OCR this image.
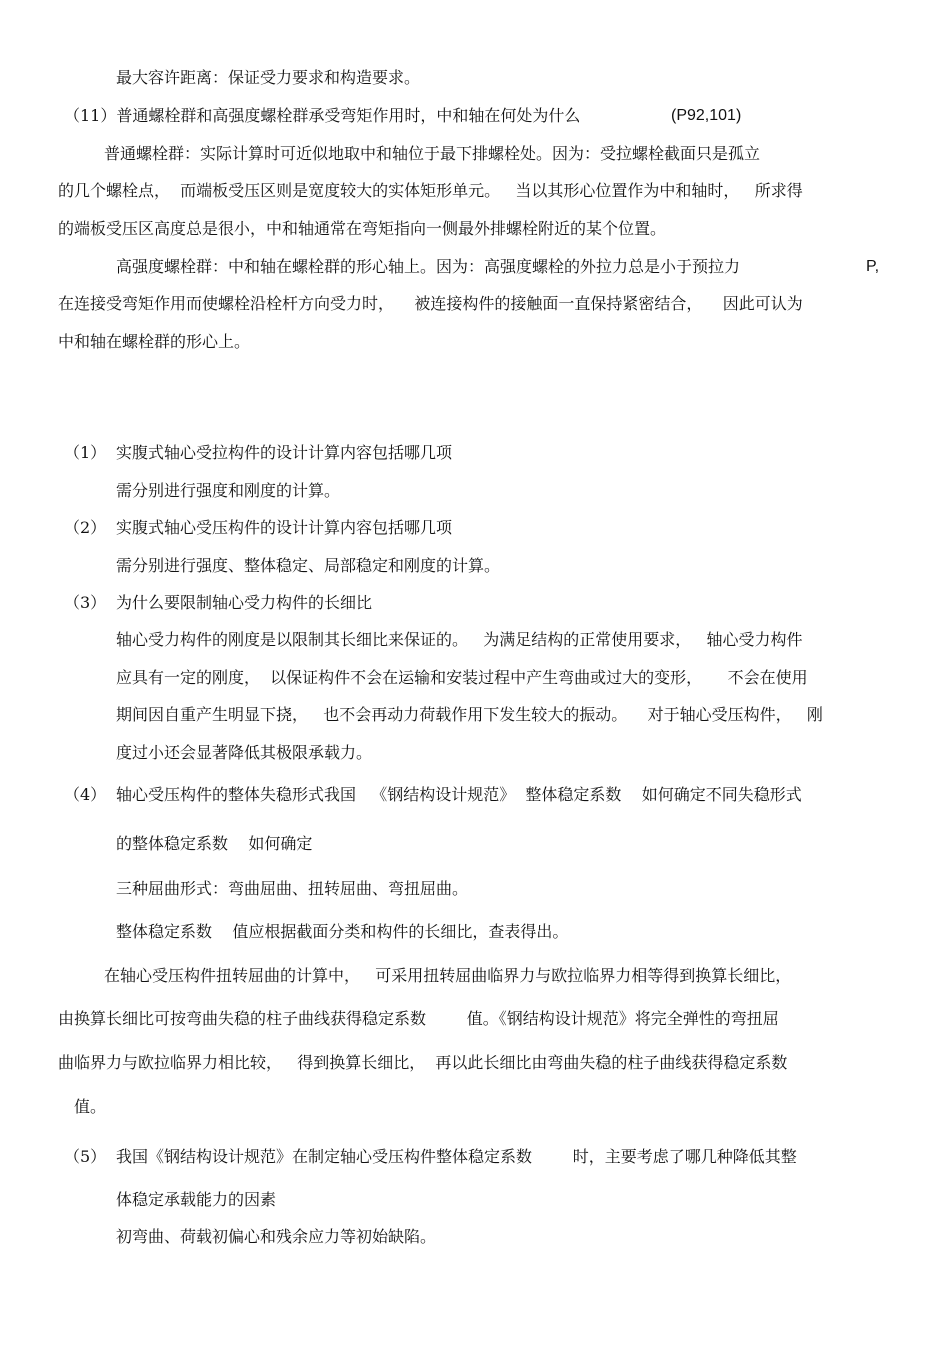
最大容许距离：保证受力要求和构造要求。
（11）普通螺栓群和高强度螺栓群承受弯矩作用时，中和轴在何处为什么	(P92,101)
普通螺栓群：实际计算时可近似地取中和轴位于最下排螺栓处。因为：受拉螺栓截面只是孤立
的几个螺栓点，  而端板受压区则是宽度较大的实体矩形单元。   当以其形心位置作为中和轴时，   所求得
的端板受压区高度总是很小，中和轴通常在弯矩指向一侧最外排螺栓附近的某个位置。
高强度螺栓群：中和轴在螺栓群的形心轴上。因为：高强度螺栓的外拉力总是小于预拉力	P,
在连接受弯矩作用而使螺栓沿栓杆方向受力时，    被连接构件的接触面一直保持紧密结合，    因此可认为
中和轴在螺栓群的形心上。
（1） 实腹式轴心受拉构件的设计计算内容包括哪几项
需分别进行强度和刚度的计算。
（2） 实腹式轴心受压构件的设计计算内容包括哪几项
需分别进行强度、整体稳定、局部稳定和刚度的计算。
（3） 为什么要限制轴心受力构件的长细比
轴心受力构件的刚度是以限制其长细比来保证的。   为满足结构的正常使用要求，   轴心受力构件
应具有一定的刚度，  以保证构件不会在运输和安装过程中产生弯曲或过大的变形，     不会在使用
期间因自重产生明显下挠，   也不会再动力荷载作用下发生较大的振动。    对于轴心受压构件，   刚
度过小还会显著降低其极限承载力。
（4） 轴心受压构件的整体失稳形式我国   《钢结构设计规范》  整体稳定系数    如何确定不同失稳形式
的整体稳定系数    如何确定
三种屈曲形式：弯曲屈曲、扭转屈曲、弯扭屈曲。
整体稳定系数    值应根据截面分类和构件的长细比，查表得出。
在轴心受压构件扭转屈曲的计算中，   可采用扭转屈曲临界力与欧拉临界力相等得到换算长细比，
由换算长细比可按弯曲失稳的柱子曲线获得稳定系数        值。《钢结构设计规范》将完全弹性的弯扭屈
曲临界力与欧拉临界力相比较，   得到换算长细比，  再以此长细比由弯曲失稳的柱子曲线获得稳定系数
值。
（5） 我国《钢结构设计规范》在制定轴心受压构件整体稳定系数        时，主要考虑了哪几种降低其整
体稳定承载能力的因素
初弯曲、荷载初偏心和残余应力等初始缺陷。
